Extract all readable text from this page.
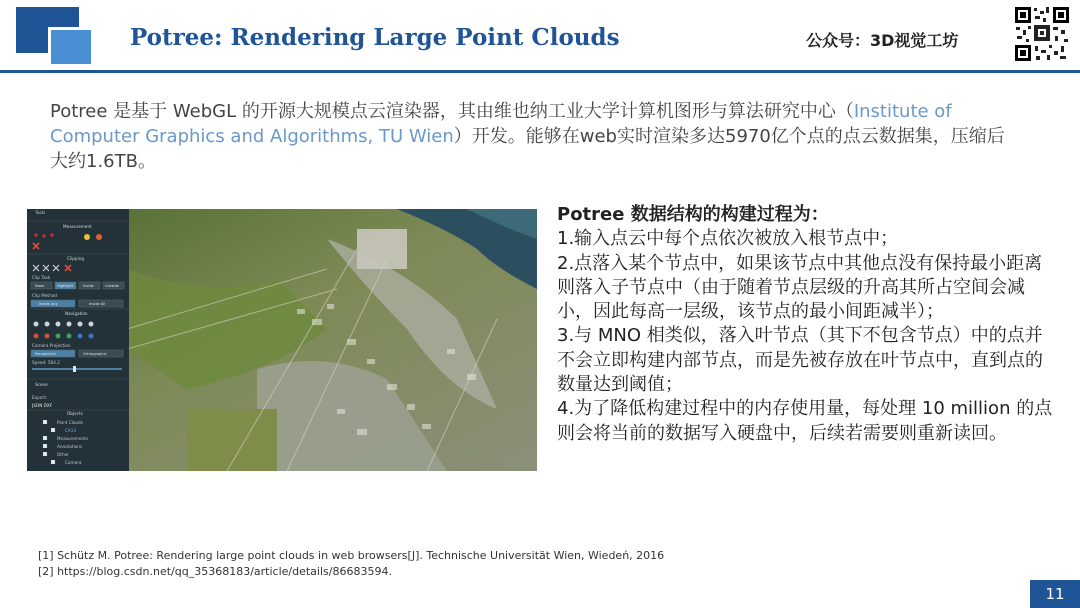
Potree: Rendering Large Point Clouds	公众号：3D视觉工坊
Potree 是基于 WebGL 的开源大规模点云渲染器，其由维也纳工业大学计算机图形与算法研究中心（Institute of Computer Graphics and Algorithms, TU Wien）开发。能够在web实时渲染多达5970亿个点的点云数据集，压缩后大约1.6TB。
Tools
Measurement
Clipping
Clip Task
Clip Method
Navigation
Camera Projection
Speed: 584.2
Scene
Export:
JSON DXF
Objects
Point Clouds
CA13
Measurements
Annotations
Other
Camera
None	Highlight	Inside	Outside
Inside Any	Inside All
Perspective	Orthographic
Potree 数据结构的构建过程为：
1.输入点云中每个点依次被放入根节点中；
2.点落入某个节点中，如果该节点中其他点没有保持最小距离则落入子节点中（由于随着节点层级的升高其所占空间会减小，因此每高一层级，该节点的最小间距减半）；
3.与 MNO 相类似，落入叶节点（其下不包含节点）中的点并不会立即构建内部节点，而是先被存放在叶节点中，直到点的数量达到阈值；
4.为了降低构建过程中的内存使用量，每处理 10 million 的点则会将当前的数据写入硬盘中，后续若需要则重新读回。
[1] Schütz M. Potree: Rendering large point clouds in web browsers[J]. Technische Universität Wien, Wiedeń, 2016
[2] https://blog.csdn.net/qq_35368183/article/details/86683594.
11
